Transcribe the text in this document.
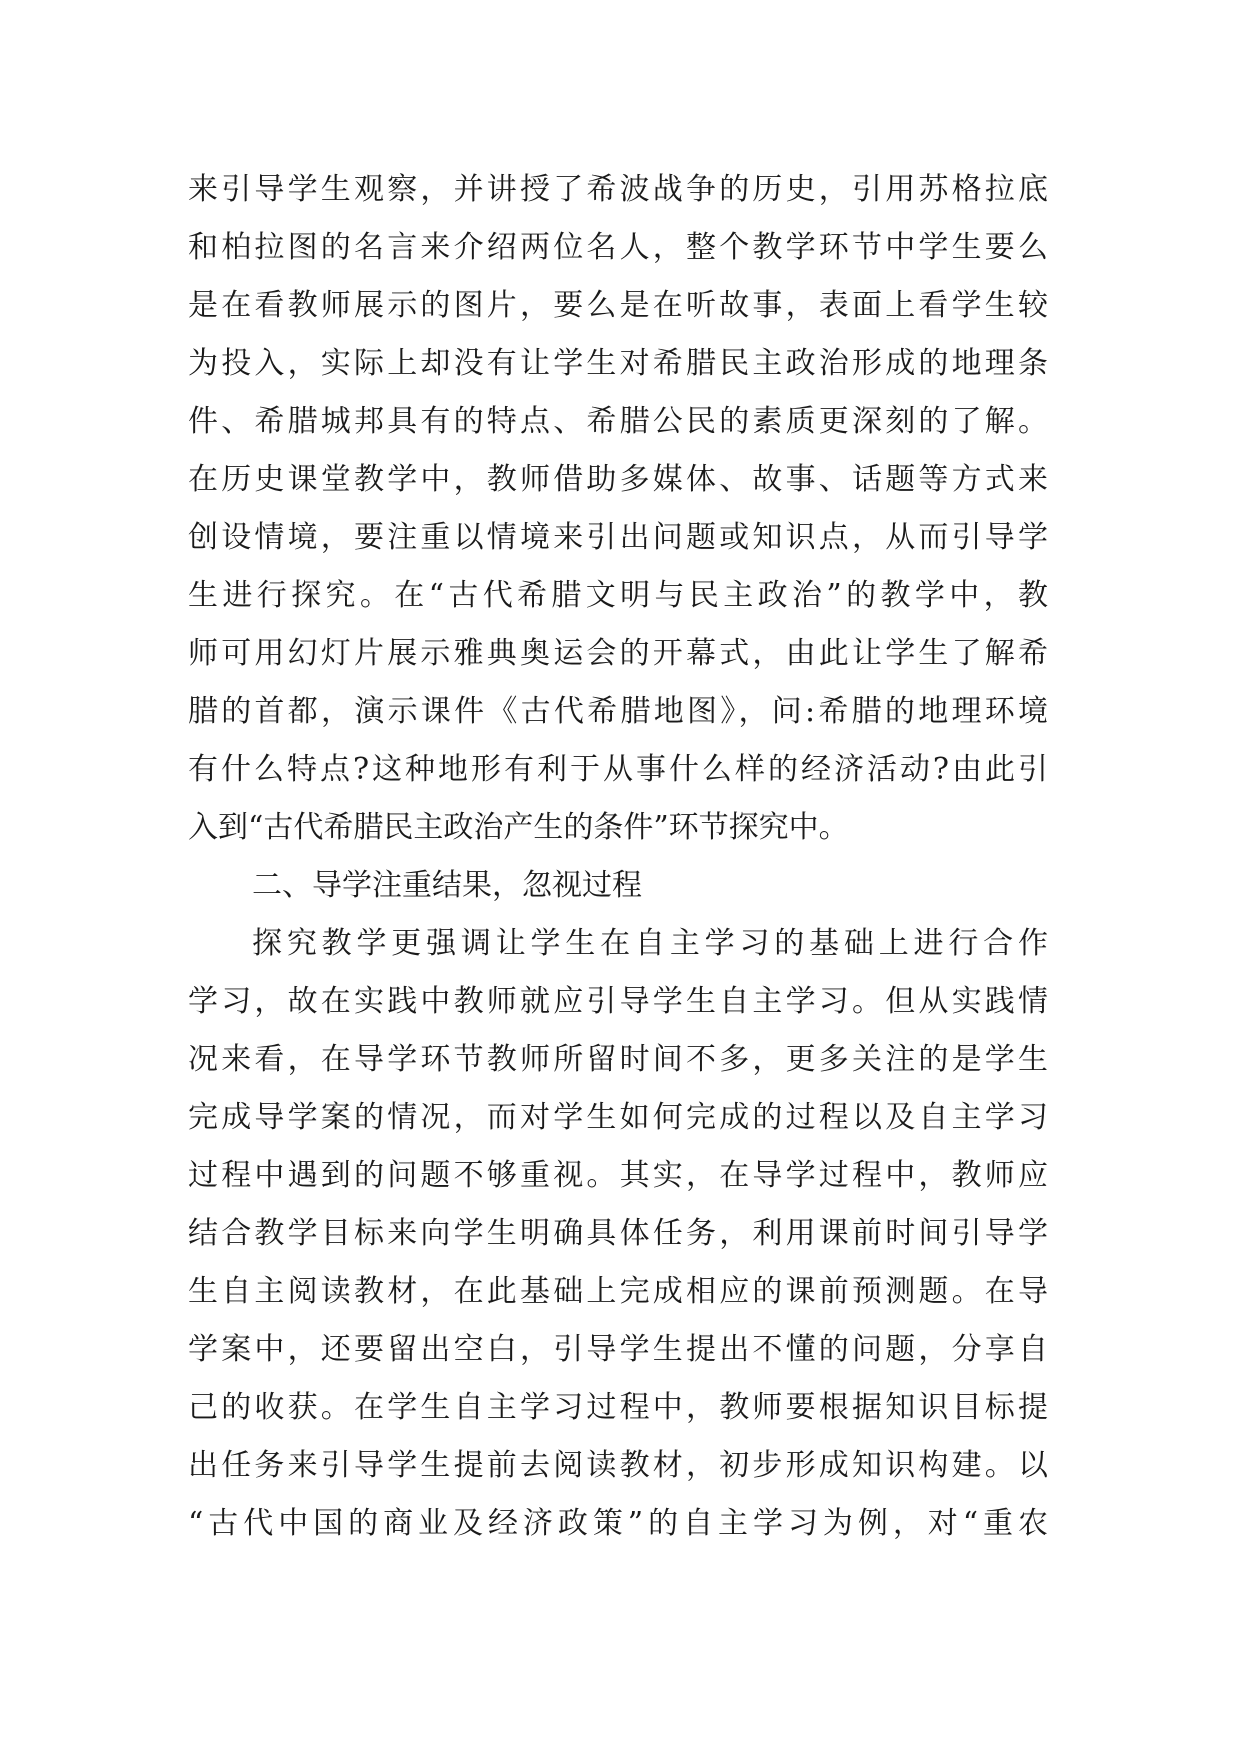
来引导学生观察，并讲授了希波战争的历史，引用苏格拉底
和柏拉图的名言来介绍两位名人，整个教学环节中学生要么
是在看教师展示的图片，要么是在听故事，表面上看学生较
为投入，实际上却没有让学生对希腊民主政治形成的地理条
件、希腊城邦具有的特点、希腊公民的素质更深刻的了解。
在历史课堂教学中，教师借助多媒体、故事、话题等方式来
创设情境，要注重以情境来引出问题或知识点，从而引导学
生进行探究。在“古代希腊文明与民主政治”的教学中，教
师可用幻灯片展示雅典奥运会的开幕式，由此让学生了解希
腊的首都，演示课件《古代希腊地图》，问:希腊的地理环境
有什么特点?这种地形有利于从事什么样的经济活动?由此引
入到“古代希腊民主政治产生的条件”环节探究中。
二、导学注重结果，忽视过程
探究教学更强调让学生在自主学习的基础上进行合作
学习，故在实践中教师就应引导学生自主学习。但从实践情
况来看，在导学环节教师所留时间不多，更多关注的是学生
完成导学案的情况，而对学生如何完成的过程以及自主学习
过程中遇到的问题不够重视。其实，在导学过程中，教师应
结合教学目标来向学生明确具体任务，利用课前时间引导学
生自主阅读教材，在此基础上完成相应的课前预测题。在导
学案中，还要留出空白，引导学生提出不懂的问题，分享自
己的收获。在学生自主学习过程中，教师要根据知识目标提
出任务来引导学生提前去阅读教材，初步形成知识构建。以
“古代中国的商业及经济政策”的自主学习为例，对“重农
